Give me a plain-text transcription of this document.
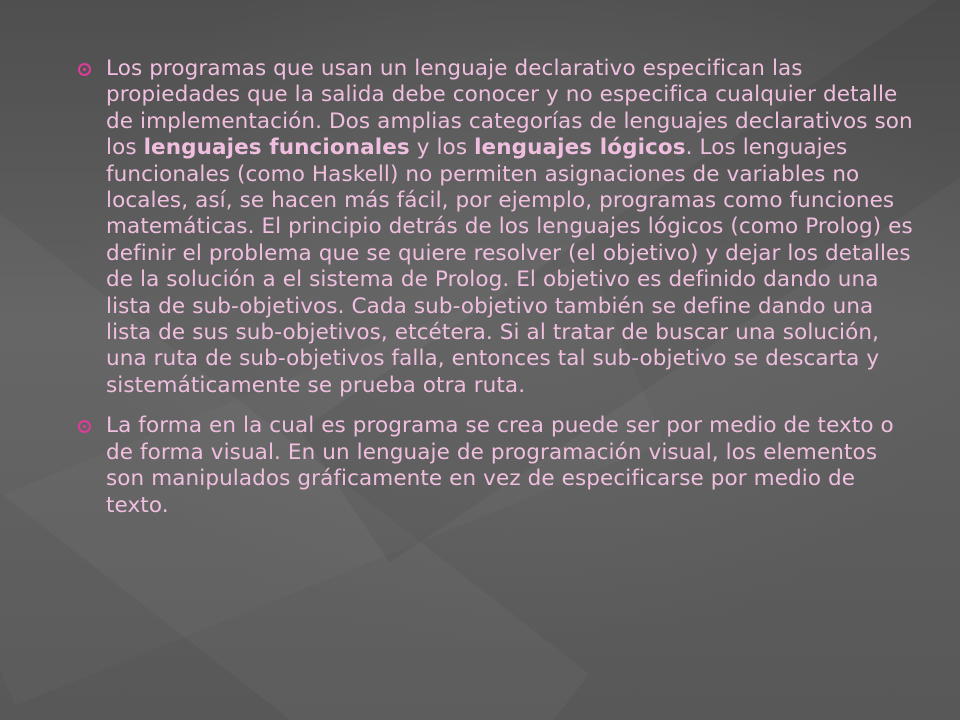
Los programas que usan un lenguaje declarativo especifican las propiedades que la salida debe conocer y no especifica cualquier detalle de implementación. Dos amplias categorías de lenguajes declarativos son los lenguajes funcionales y los lenguajes lógicos. Los lenguajes funcionales (como Haskell) no permiten asignaciones de variables no locales, así, se hacen más fácil, por ejemplo, programas como funciones matemáticas. El principio detrás de los lenguajes lógicos (como Prolog) es definir el problema que se quiere resolver (el objetivo) y dejar los detalles de la solución a el sistema de Prolog. El objetivo es definido dando una lista de sub-objetivos. Cada sub-objetivo también se define dando una lista de sus sub-objetivos, etcétera. Si al tratar de buscar una solución, una ruta de sub-objetivos falla, entonces tal sub-objetivo se descarta y sistemáticamente se prueba otra ruta.

La forma en la cual es programa se crea puede ser por medio de texto o de forma visual. En un lenguaje de programación visual, los elementos son manipulados gráficamente en vez de especificarse por medio de texto.
